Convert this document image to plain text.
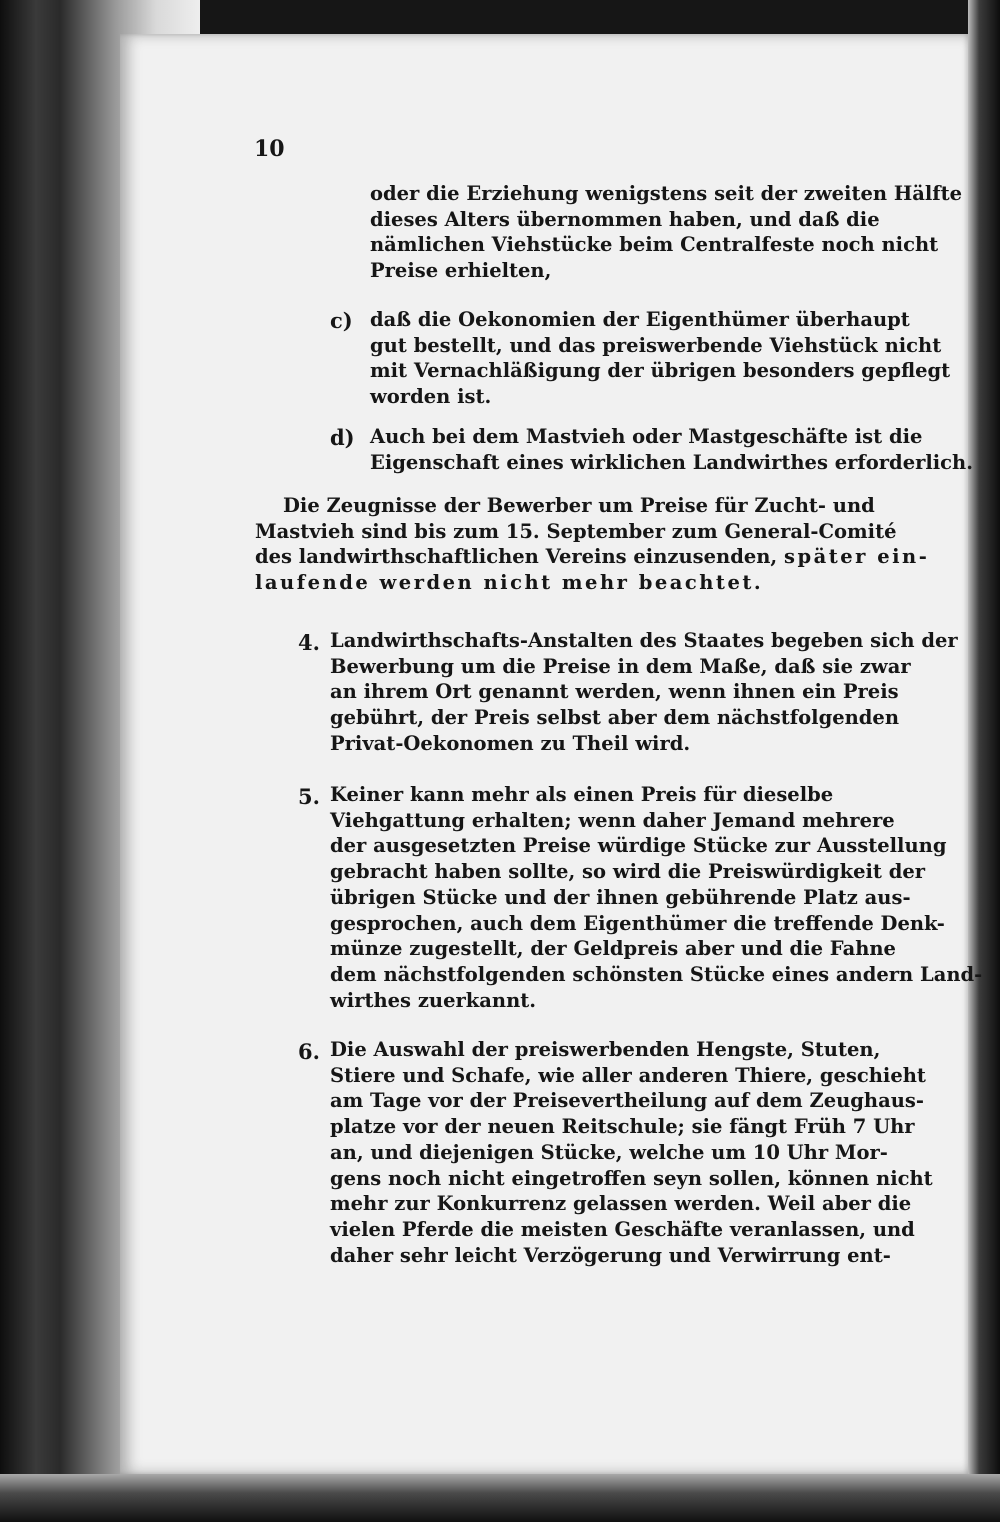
10
oder die Erziehung wenigstens seit der zweiten Hälfte
dieses Alters übernommen haben, und daß die
nämlichen Viehstücke beim Centralfeste noch nicht
Preise erhielten,
c) daß die Oekonomien der Eigenthümer überhaupt
gut bestellt, und das preiswerbende Viehstück nicht
mit Vernachläßigung der übrigen besonders gepflegt
worden ist.
d) Auch bei dem Mastvieh oder Mastgeschäfte ist die
Eigenschaft eines wirklichen Landwirthes erforderlich.
Die Zeugnisse der Bewerber um Preise für Zucht- und
Mastvieh sind bis zum 15. September zum General-Comité
des landwirthschaftlichen Vereins einzusenden, später ein-
laufende werden nicht mehr beachtet.
4. Landwirthschafts-Anstalten des Staates begeben sich der
Bewerbung um die Preise in dem Maße, daß sie zwar
an ihrem Ort genannt werden, wenn ihnen ein Preis
gebührt, der Preis selbst aber dem nächstfolgenden
Privat-Oekonomen zu Theil wird.
5. Keiner kann mehr als einen Preis für dieselbe
Viehgattung erhalten; wenn daher Jemand mehrere
der ausgesetzten Preise würdige Stücke zur Ausstellung
gebracht haben sollte, so wird die Preiswürdigkeit der
übrigen Stücke und der ihnen gebührende Platz aus-
gesprochen, auch dem Eigenthümer die treffende Denk-
münze zugestellt, der Geldpreis aber und die Fahne
dem nächstfolgenden schönsten Stücke eines andern Land-
wirthes zuerkannt.
6. Die Auswahl der preiswerbenden Hengste, Stuten,
Stiere und Schafe, wie aller anderen Thiere, geschieht
am Tage vor der Preisevertheilung auf dem Zeughaus-
platze vor der neuen Reitschule; sie fängt Früh 7 Uhr
an, und diejenigen Stücke, welche um 10 Uhr Mor-
gens noch nicht eingetroffen seyn sollen, können nicht
mehr zur Konkurrenz gelassen werden. Weil aber die
vielen Pferde die meisten Geschäfte veranlassen, und
daher sehr leicht Verzögerung und Verwirrung ent-
